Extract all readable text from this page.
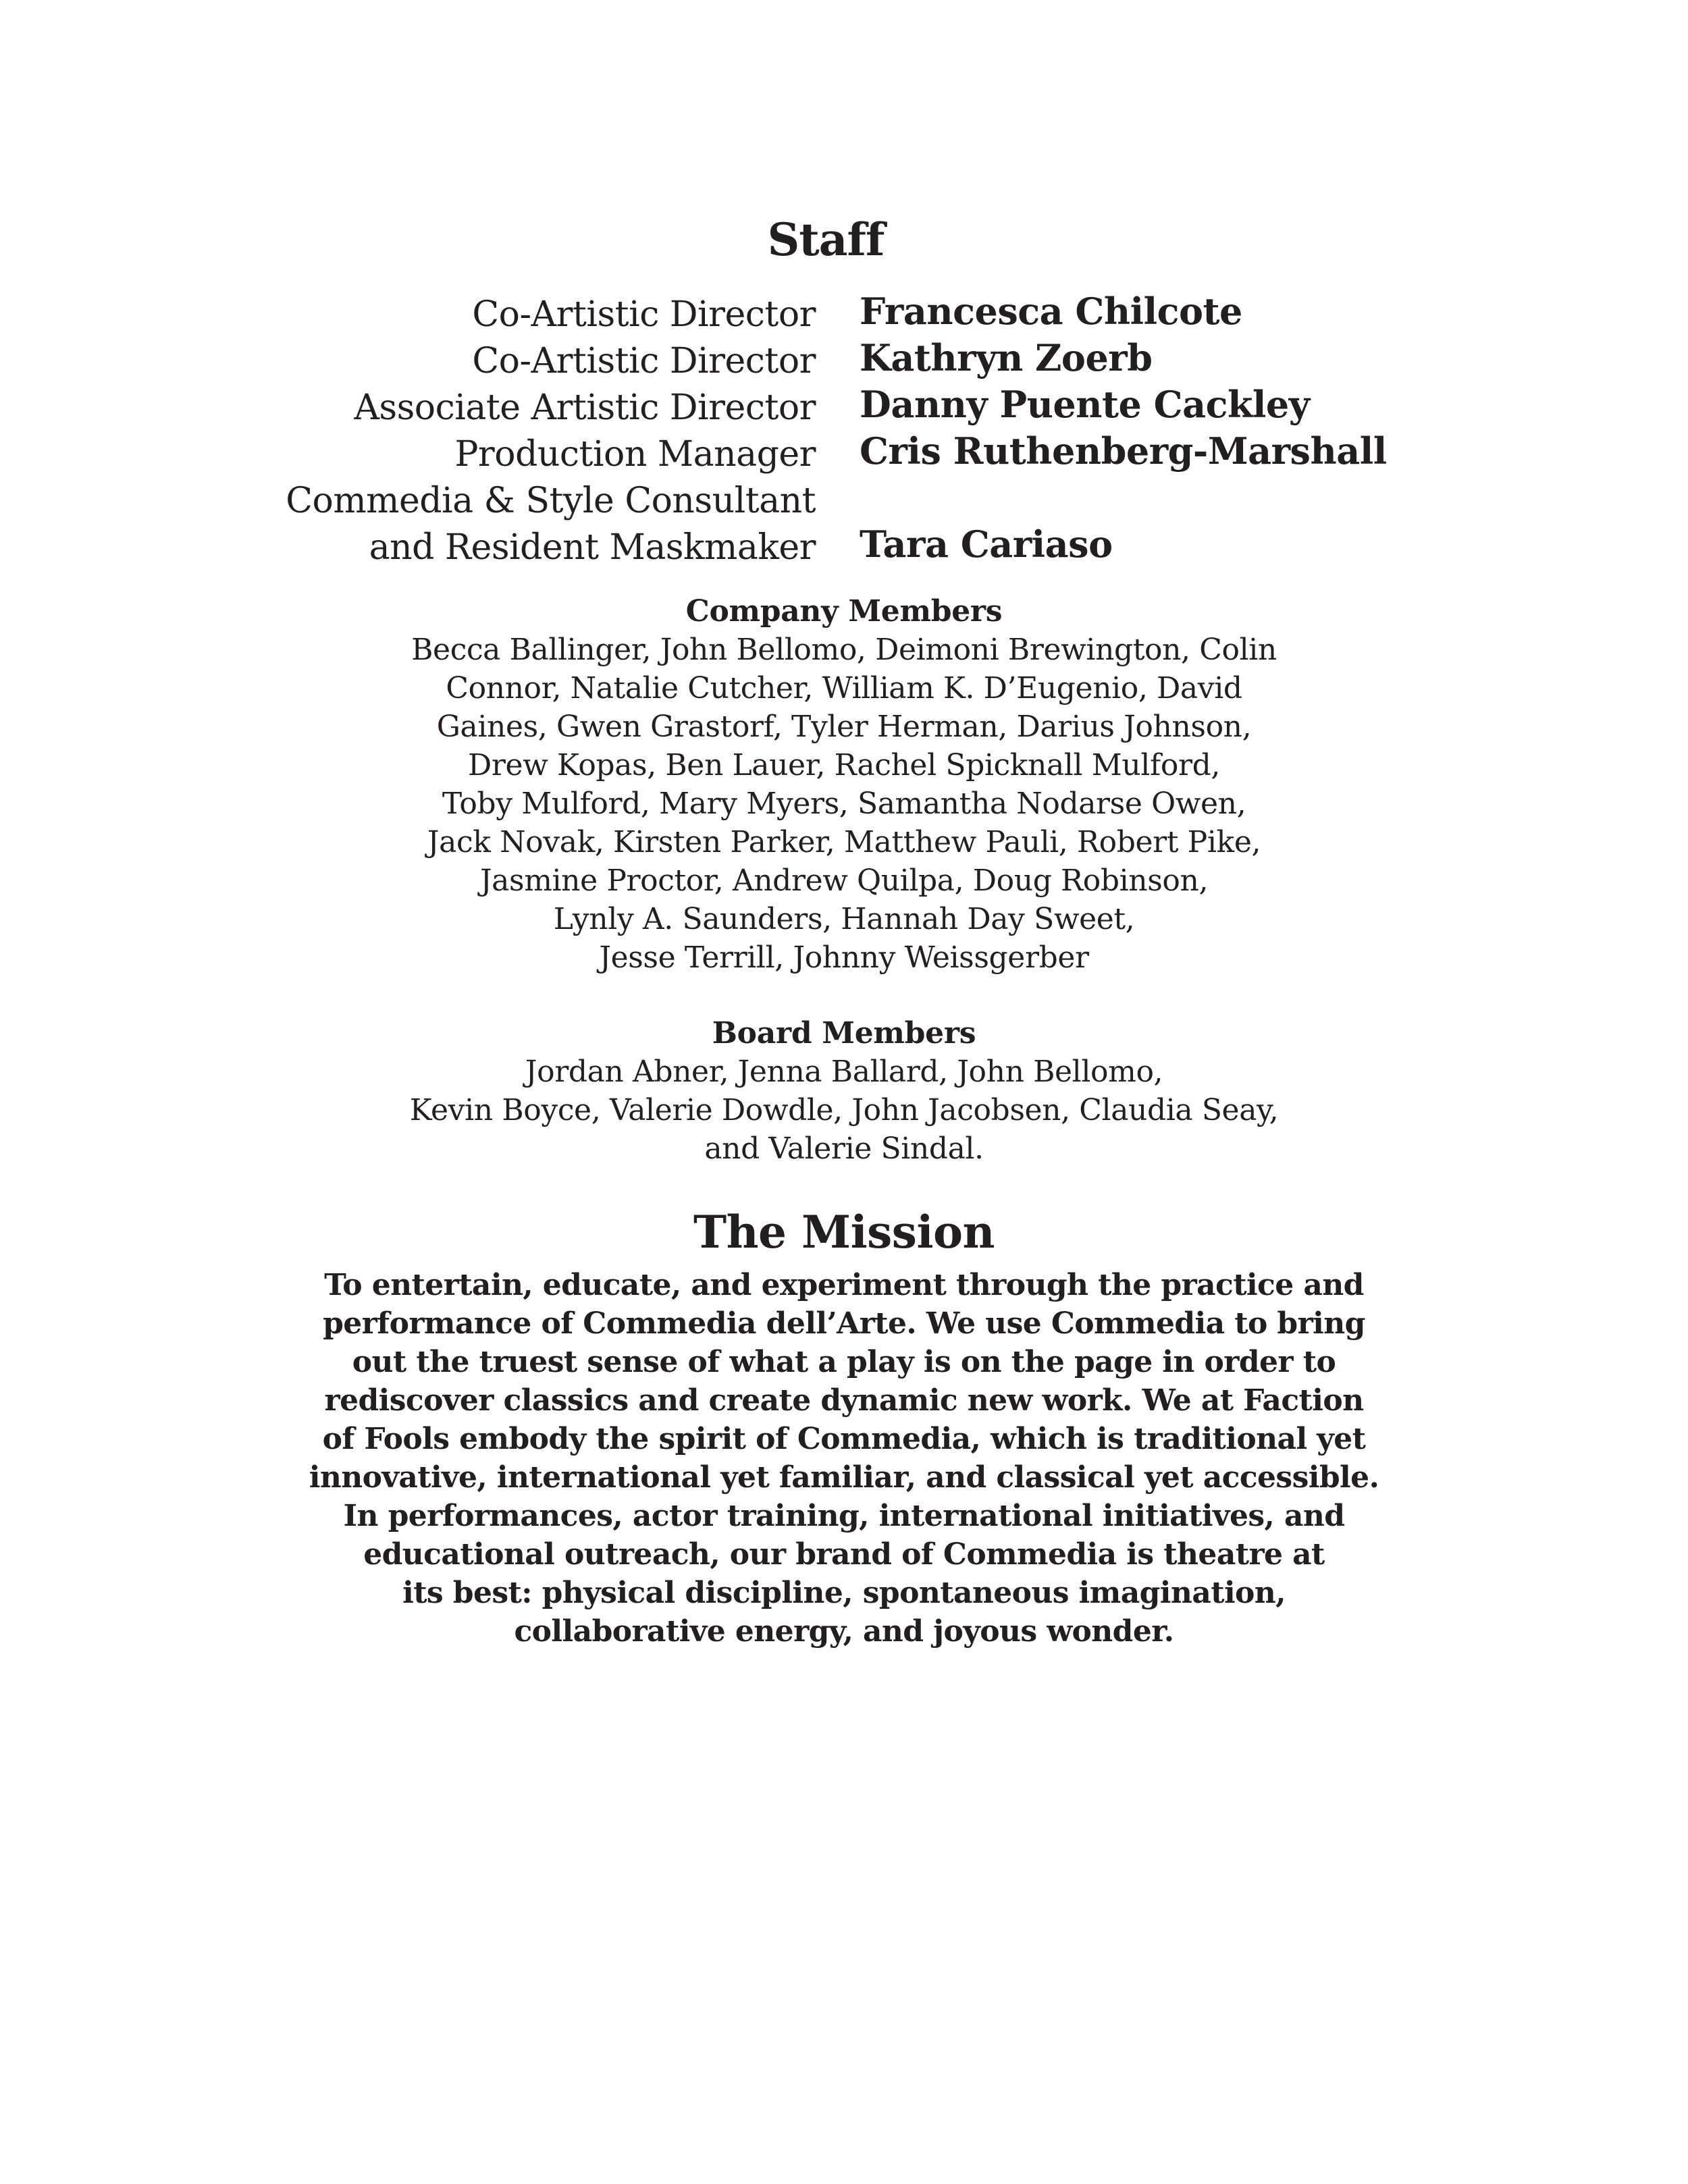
Staff
Co-Artistic Director Francesca Chilcote
Co-Artistic Director Kathryn Zoerb
Associate Artistic Director Danny Puente Cackley
Production Manager Cris Ruthenberg-Marshall
Commedia & Style Consultant
and Resident Maskmaker Tara Cariaso
Company Members
Becca Ballinger, John Bellomo, Deimoni Brewington, Colin
Connor, Natalie Cutcher, William K. D’Eugenio, David
Gaines, Gwen Grastorf, Tyler Herman, Darius Johnson,
Drew Kopas, Ben Lauer, Rachel Spicknall Mulford,
Toby Mulford, Mary Myers, Samantha Nodarse Owen,
Jack Novak, Kirsten Parker, Matthew Pauli, Robert Pike,
Jasmine Proctor, Andrew Quilpa, Doug Robinson,
Lynly A. Saunders, Hannah Day Sweet,
Jesse Terrill, Johnny Weissgerber
Board Members
Jordan Abner, Jenna Ballard, John Bellomo,
Kevin Boyce, Valerie Dowdle, John Jacobsen, Claudia Seay,
and Valerie Sindal.
The Mission
To entertain, educate, and experiment through the practice and
performance of Commedia dell’Arte. We use Commedia to bring
out the truest sense of what a play is on the page in order to
rediscover classics and create dynamic new work. We at Faction
of Fools embody the spirit of Commedia, which is traditional yet
innovative, international yet familiar, and classical yet accessible.
In performances, actor training, international initiatives, and
educational outreach, our brand of Commedia is theatre at
its best: physical discipline, spontaneous imagination,
collaborative energy, and joyous wonder.
